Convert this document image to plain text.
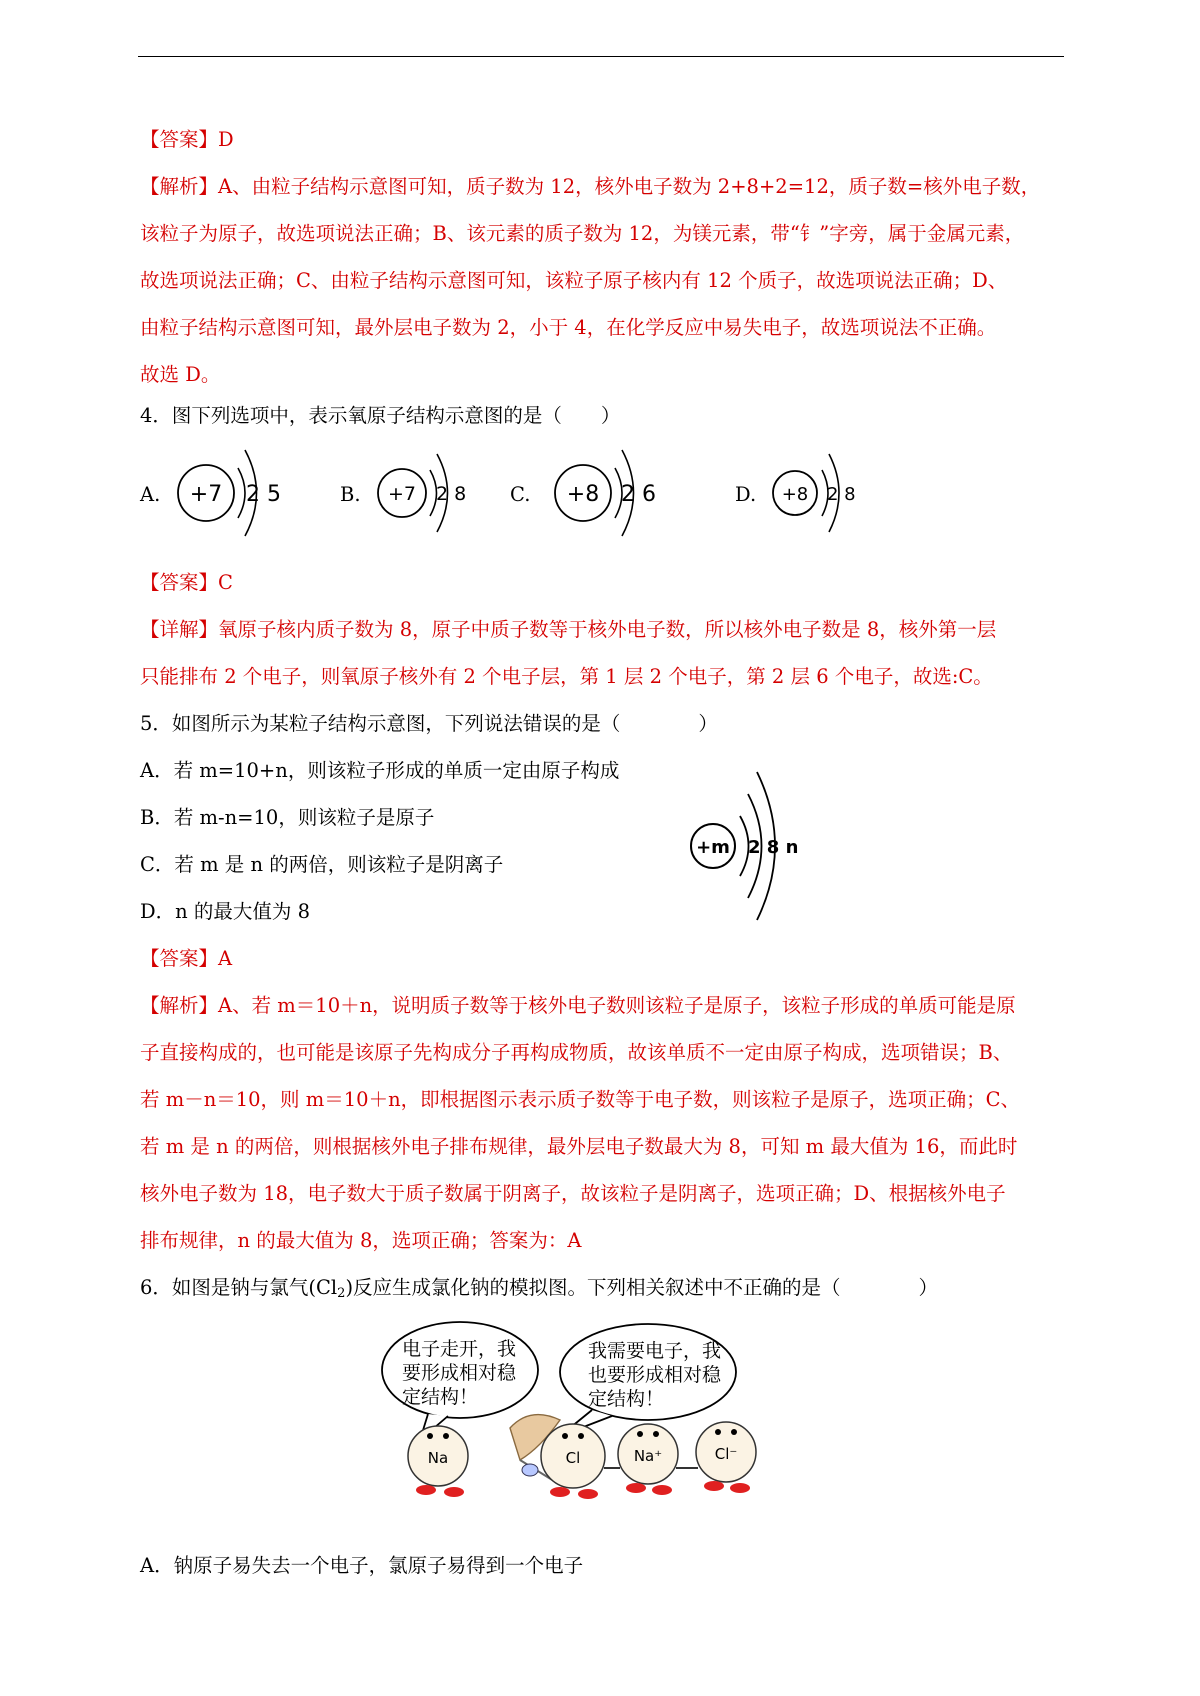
【答案】D
【解析】A、由粒子结构示意图可知，质子数为 12，核外电子数为 2+8+2=12，质子数=核外电子数，
该粒子为原子，故选项说法正确；B、该元素的质子数为 12，为镁元素，带“钅”字旁，属于金属元素，
故选项说法正确；C、由粒子结构示意图可知，该粒子原子核内有 12 个质子，故选项说法正确；D、
由粒子结构示意图可知，最外层电子数为 2，小于 4，在化学反应中易失电子，故选项说法不正确。
故选 D。
4．图下列选项中，表示氧原子结构示意图的是（　　）
A. +7 2 5	B. +7 2 8 C. +8 2 6	D. +8 2 8
【答案】C
【详解】氧原子核内质子数为 8，原子中质子数等于核外电子数，所以核外电子数是 8，核外第一层
只能排布 2 个电子，则氧原子核外有 2 个电子层，第 1 层 2 个电子，第 2 层 6 个电子，故选:C。
5．如图所示为某粒子结构示意图，下列说法错误的是（　　　　）
A．若 m=10+n，则该粒子形成的单质一定由原子构成
B．若 m-n=10，则该粒子是原子
C．若 m 是 n 的两倍，则该粒子是阴离子
D．n 的最大值为 8
+m 2 8 n
【答案】A
【解析】A、若 m＝10＋n，说明质子数等于核外电子数则该粒子是原子，该粒子形成的单质可能是原
子直接构成的，也可能是该原子先构成分子再构成物质，故该单质不一定由原子构成，选项错误；B、
若 m－n＝10，则 m＝10＋n，即根据图示表示质子数等于电子数，则该粒子是原子，选项正确；C、
若 m 是 n 的两倍，则根据核外电子排布规律，最外层电子数最大为 8，可知 m 最大值为 16，而此时
核外电子数为 18，电子数大于质子数属于阴离子，故该粒子是阴离子，选项正确；D、根据核外电子
排布规律，n 的最大值为 8，选项正确；答案为：A
6．如图是钠与氯气$(Cl_2)$反应生成氯化钠的模拟图。下列相关叙述中不正确的是（　　　　）
Na	Cl	Na⁺	Cl⁻
电子走开，我
要形成相对稳
定结构！
我需要电子，我
也要形成相对稳
定结构！
A．钠原子易失去一个电子，氯原子易得到一个电子
